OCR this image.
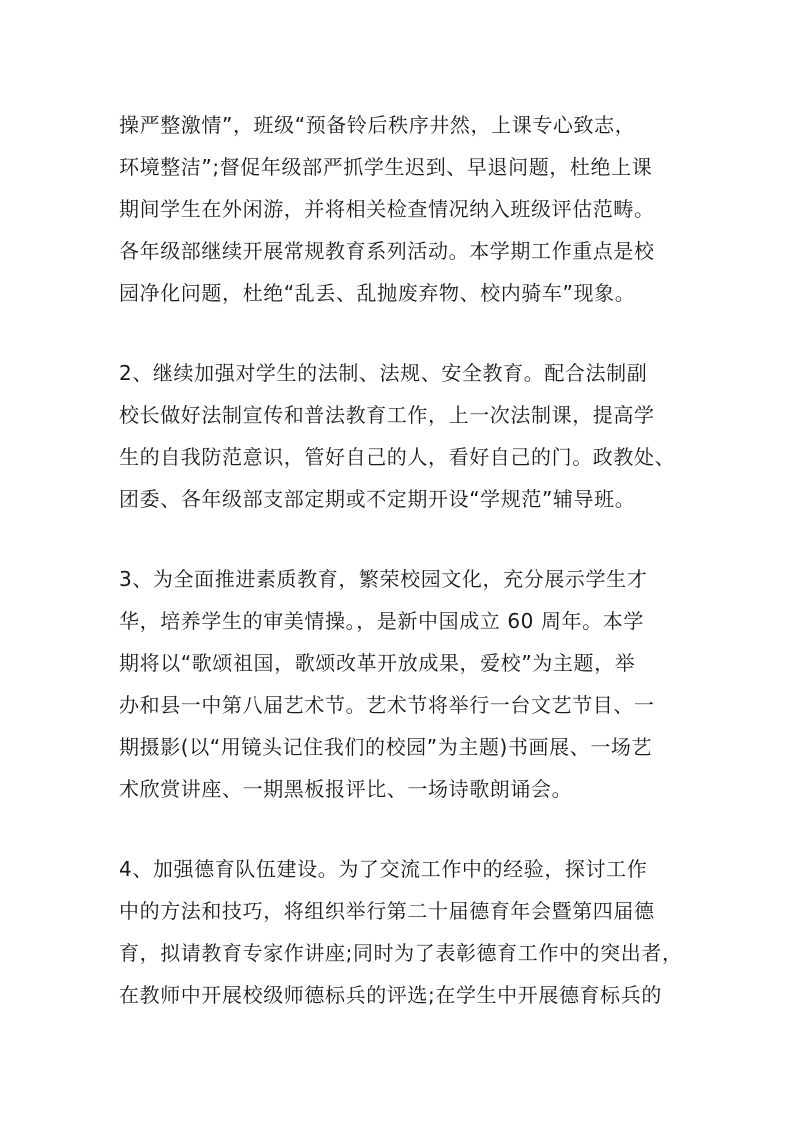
操严整激情”，班级“预备铃后秩序井然，上课专心致志，
环境整洁”;督促年级部严抓学生迟到、早退问题，杜绝上课
期间学生在外闲游，并将相关检查情况纳入班级评估范畴。
各年级部继续开展常规教育系列活动。本学期工作重点是校
园净化问题，杜绝“乱丢、乱抛废弃物、校内骑车”现象。
2、继续加强对学生的法制、法规、安全教育。配合法制副
校长做好法制宣传和普法教育工作，上一次法制课，提高学
生的自我防范意识，管好自己的人，看好自己的门。政教处、
团委、各年级部支部定期或不定期开设“学规范”辅导班。
3、为全面推进素质教育，繁荣校园文化，充分展示学生才
华，培养学生的审美情操。，是新中国成立 60 周年。本学
期将以“歌颂祖国，歌颂改革开放成果，爱校”为主题，举
办和县一中第八届艺术节。艺术节将举行一台文艺节目、一
期摄影(以“用镜头记住我们的校园”为主题)书画展、一场艺
术欣赏讲座、一期黑板报评比、一场诗歌朗诵会。
4、加强德育队伍建设。为了交流工作中的经验，探讨工作
中的方法和技巧，将组织举行第二十届德育年会暨第四届德
育，拟请教育专家作讲座;同时为了表彰德育工作中的突出者，
在教师中开展校级师德标兵的评选;在学生中开展德育标兵的
